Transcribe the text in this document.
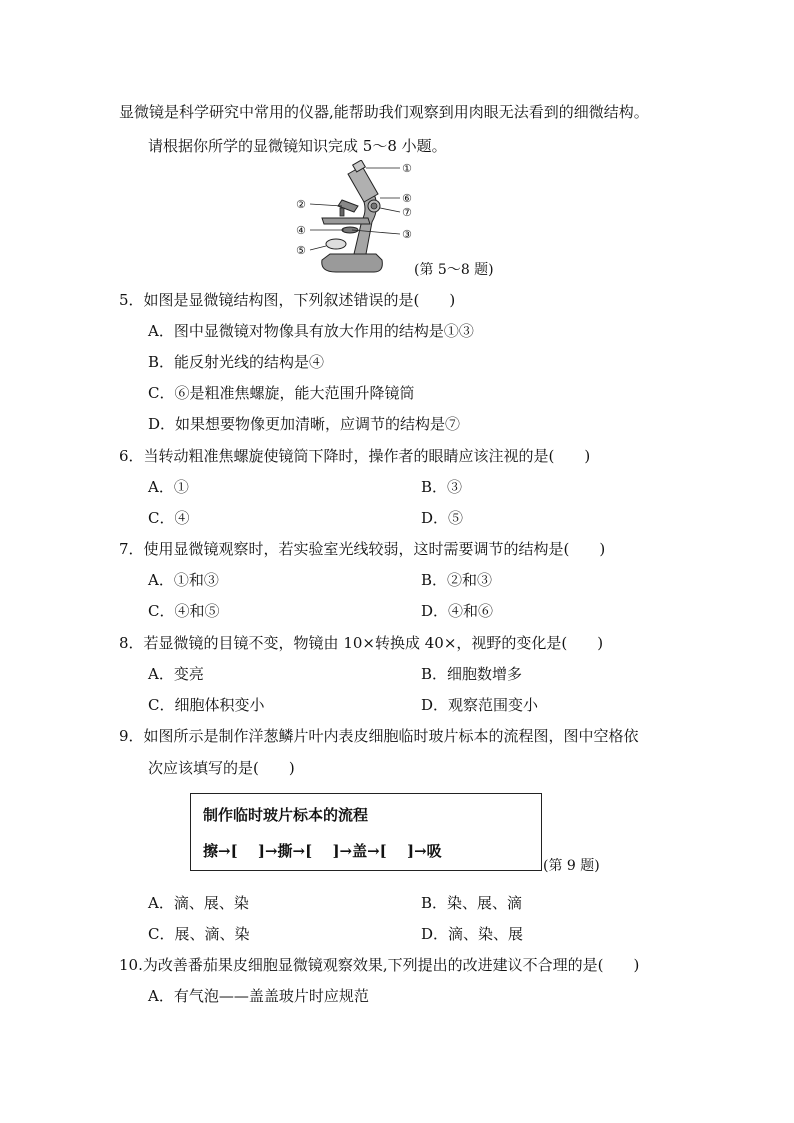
显微镜是科学研究中常用的仪器,能帮助我们观察到用肉眼无法看到的细微结构。
请根据你所学的显微镜知识完成 5～8 小题。
①
②	⑥
⑦
③
④
⑤
(第 5～8 题)
5．如图是显微镜结构图，下列叙述错误的是(　　)
A．图中显微镜对物像具有放大作用的结构是①③
B．能反射光线的结构是④
C．⑥是粗准焦螺旋，能大范围升降镜筒
D．如果想要物像更加清晰，应调节的结构是⑦
6．当转动粗准焦螺旋使镜筒下降时，操作者的眼睛应该注视的是(　　)
A．①	B．③
C．④	D．⑤
7．使用显微镜观察时，若实验室光线较弱，这时需要调节的结构是(　　)
A．①和③	B．②和③
C．④和⑤	D．④和⑥
8．若显微镜的目镜不变，物镜由 10×转换成 40×，视野的变化是(　　)
A．变亮	B．细胞数增多
C．细胞体积变小	D．观察范围变小
9．如图所示是制作洋葱鳞片叶内表皮细胞临时玻片标本的流程图，图中空格依
次应该填写的是(　　)
制作临时玻片标本的流程
擦→[　 ]→撕→[　 ]→盖→[　 ]→吸
(第 9 题)
A．滴、展、染	B．染、展、滴
C．展、滴、染	D．滴、染、展
10.为改善番茄果皮细胞显微镜观察效果,下列提出的改进建议不合理的是(　　)
A．有气泡——盖盖玻片时应规范
